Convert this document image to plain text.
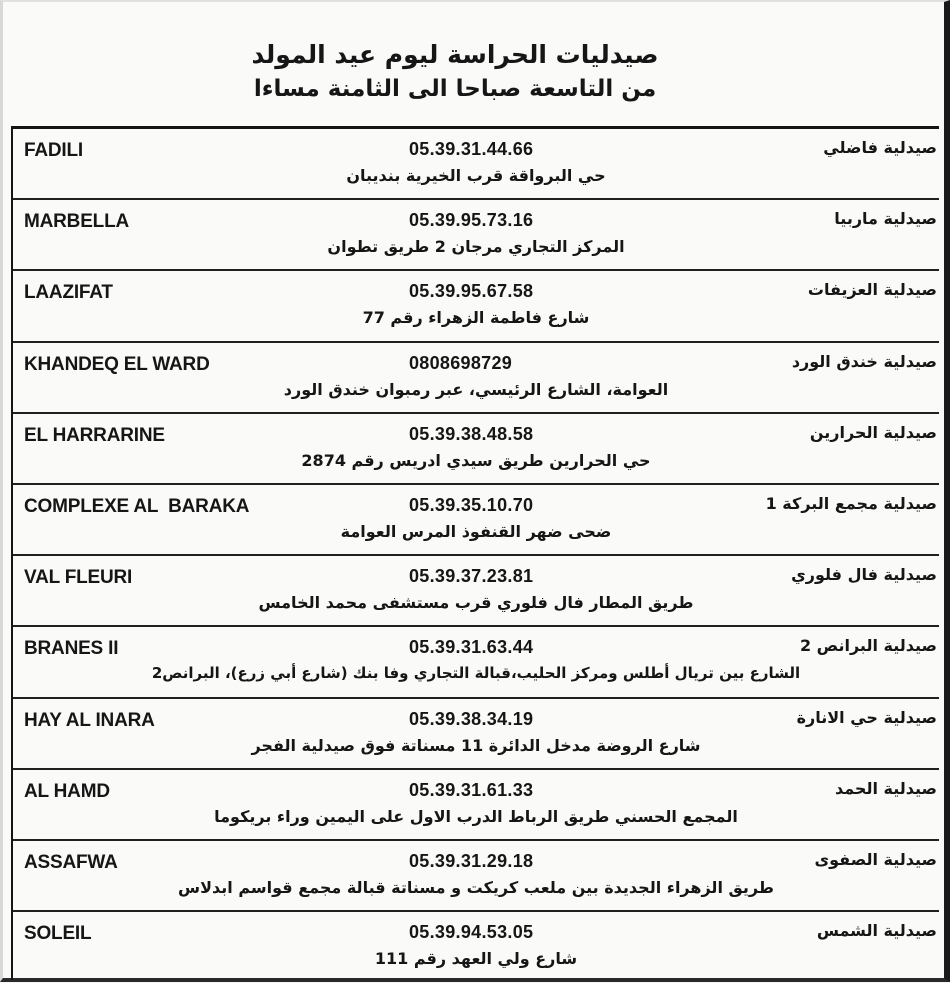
صيدليات الحراسة ليوم عيد المولد
من التاسعة صباحا الى الثامنة مساءا
FADILI	05.39.31.44.66	صيدلية فاضلي
حي البرواقة قرب الخيرية بنديبان
MARBELLA	05.39.95.73.16	صيدلية ماربيا
المركز التجاري مرجان 2 طريق تطوان
LAAZIFAT	05.39.95.67.58	صيدلية العزيفات
شارع فاطمة الزهراء رقم 77
KHANDEQ EL WARD	0808698729	صيدلية خندق الورد
العوامة، الشارع الرئيسي، عبر رمبوان خندق الورد
EL HARRARINE	05.39.38.48.58	صيدلية الحرارين
حي الحرارين طريق سيدي ادريس رقم 2874
COMPLEXE AL  BARAKA	05.39.35.10.70	صيدلية مجمع البركة 1
ضحى ضهر القنفوذ المرس العوامة
VAL FLEURI	05.39.37.23.81	صيدلية فال فلوري
طريق المطار فال فلوري قرب مستشفى محمد الخامس
BRANES II	05.39.31.63.44	صيدلية البرانص 2
الشارع بين تريال أطلس ومركز الحليب،قبالة التجاري وفا بنك (شارع أبي زرع)، البرانص2
HAY AL INARA	05.39.38.34.19	صيدلية حي الانارة
شارع الروضة مدخل الدائرة 11 مسناتة فوق صيدلية الفجر
AL HAMD	05.39.31.61.33	صيدلية الحمد
المجمع الحسني طريق الرباط الدرب الاول على اليمين وراء بريكوما
ASSAFWA	05.39.31.29.18	صيدلية الصفوى
طريق الزهراء الجديدة بين ملعب كريكت و مسناتة قبالة مجمع قواسم ابدلاس
SOLEIL	05.39.94.53.05	صيدلية الشمس
شارع ولي العهد رقم 111
